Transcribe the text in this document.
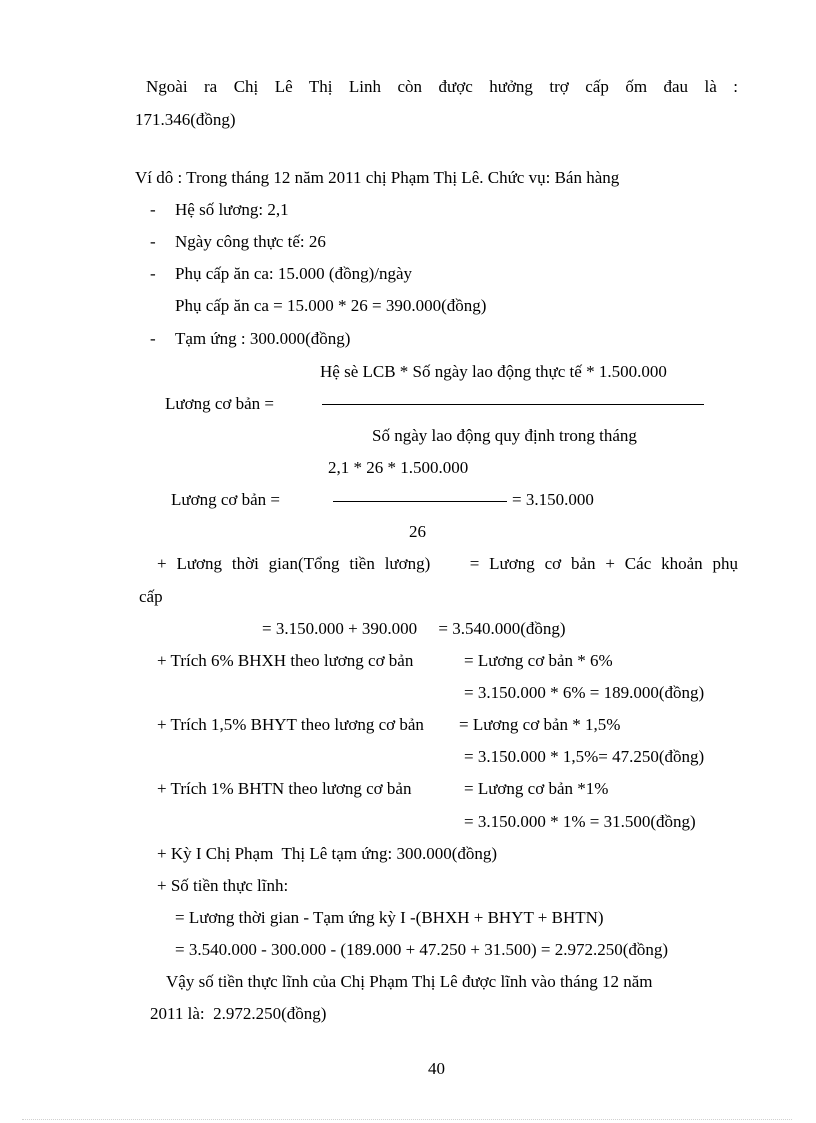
Ngoài ra Chị Lê Thị Linh còn được hưởng trợ cấp ốm đau là :
171.346(đồng)
Ví dô : Trong tháng 12 năm 2011 chị Phạm Thị Lê. Chức vụ: Bán hàng
- Hệ số lương: 2,1
- Ngày công thực tế: 26
- Phụ cấp ăn ca: 15.000 (đồng)/ngày
Phụ cấp ăn ca = 15.000 * 26 = 390.000(đồng)
- Tạm ứng : 300.000(đồng)
Hệ sè LCB * Số ngày lao động thực tế * 1.500.000
Lương cơ bản =
Số ngày lao động quy định trong tháng
2,1 * 26 * 1.500.000
Lương cơ bản =	= 3.150.000
26
+ Lương thời gian(Tổng tiền lương)    = Lương cơ bản + Các khoản phụ
cấp
= 3.150.000 + 390.000     = 3.540.000(đồng)
+ Trích 6% BHXH theo lương cơ bản	= Lương cơ bản * 6%
= 3.150.000 * 6% = 189.000(đồng)
+ Trích 1,5% BHYT theo lương cơ bản = Lương cơ bản * 1,5%
= 3.150.000 * 1,5%= 47.250(đồng)
+ Trích 1% BHTN theo lương cơ bản	= Lương cơ bản *1%
= 3.150.000 * 1% = 31.500(đồng)
+ Kỳ I Chị Phạm  Thị Lê tạm ứng: 300.000(đồng)
+ Số tiền thực lĩnh:
= Lương thời gian - Tạm ứng kỳ I -(BHXH + BHYT + BHTN)
= 3.540.000 - 300.000 - (189.000 + 47.250 + 31.500) = 2.972.250(đồng)
Vậy số tiền thực lĩnh của Chị Phạm Thị Lê được lĩnh vào tháng 12 năm
2011 là:  2.972.250(đồng)
40
